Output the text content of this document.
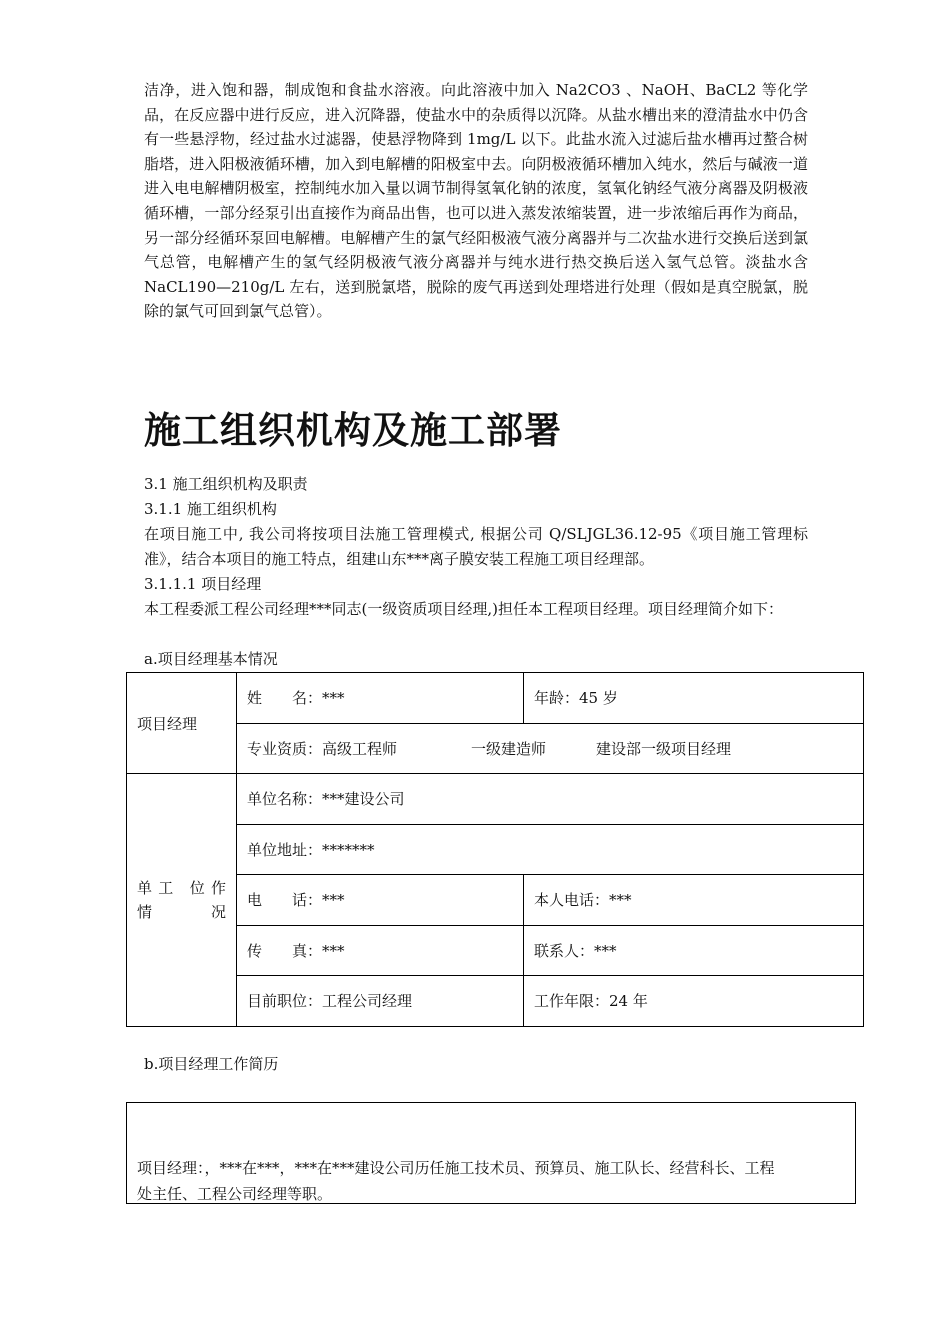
洁净，进入饱和器，制成饱和食盐水溶液。向此溶液中加入 Na2CO3 、NaOH、BaCL2 等化学品，在反应器中进行反应，进入沉降器，使盐水中的杂质得以沉降。从盐水槽出来的澄清盐水中仍含有一些悬浮物，经过盐水过滤器，使悬浮物降到 1mg/L 以下。此盐水流入过滤后盐水槽再过螯合树脂塔，进入阳极液循环槽，加入到电解槽的阳极室中去。向阴极液循环槽加入纯水，然后与碱液一道进入电电解槽阴极室，控制纯水加入量以调节制得氢氧化钠的浓度，氢氧化钠经气液分离器及阴极液循环槽，一部分经泵引出直接作为商品出售，也可以进入蒸发浓缩装置，进一步浓缩后再作为商品，另一部分经循环泵回电解槽。电解槽产生的氯气经阳极液气液分离器并与二次盐水进行交换后送到氯气总管，电解槽产生的氢气经阴极液气液分离器并与纯水进行热交换后送入氢气总管。淡盐水含 NaCL190—210g/L 左右，送到脱氯塔，脱除的废气再送到处理塔进行处理（假如是真空脱氯，脱除的氯气可回到氯气总管）。

施工组织机构及施工部署
3.1 施工组织机构及职责
3.1.1 施工组织机构
在项目施工中, 我公司将按项目法施工管理模式, 根据公司 Q/SLJGL36.12-95《项目施工管理标准》，结合本项目的施工特点，组建山东***离子膜安装工程施工项目经理部。
3.1.1.1 项目经理
本工程委派工程公司经理***同志(一级资质项目经理,)担任本工程项目经理。项目经理简介如下：
a.项目经理基本情况
项目经理	姓　　名：***	年龄：45 岁
	专业资质：高级工程师 一级建造师 建设部一级项目经理	
单 工　位 作 情　　况	单位名称：***建设公司	
	单位地址：*******	
	电　　话：***	本人电话：***
	传　　真：***	联系人：***
	目前职位：工程公司经理	工作年限：24 年
b.项目经理工作简历
项目经理：，***在***，***在***建设公司历任施工技术员、预算员、施工队长、经营科长、工程处主任、工程公司经理等职。
